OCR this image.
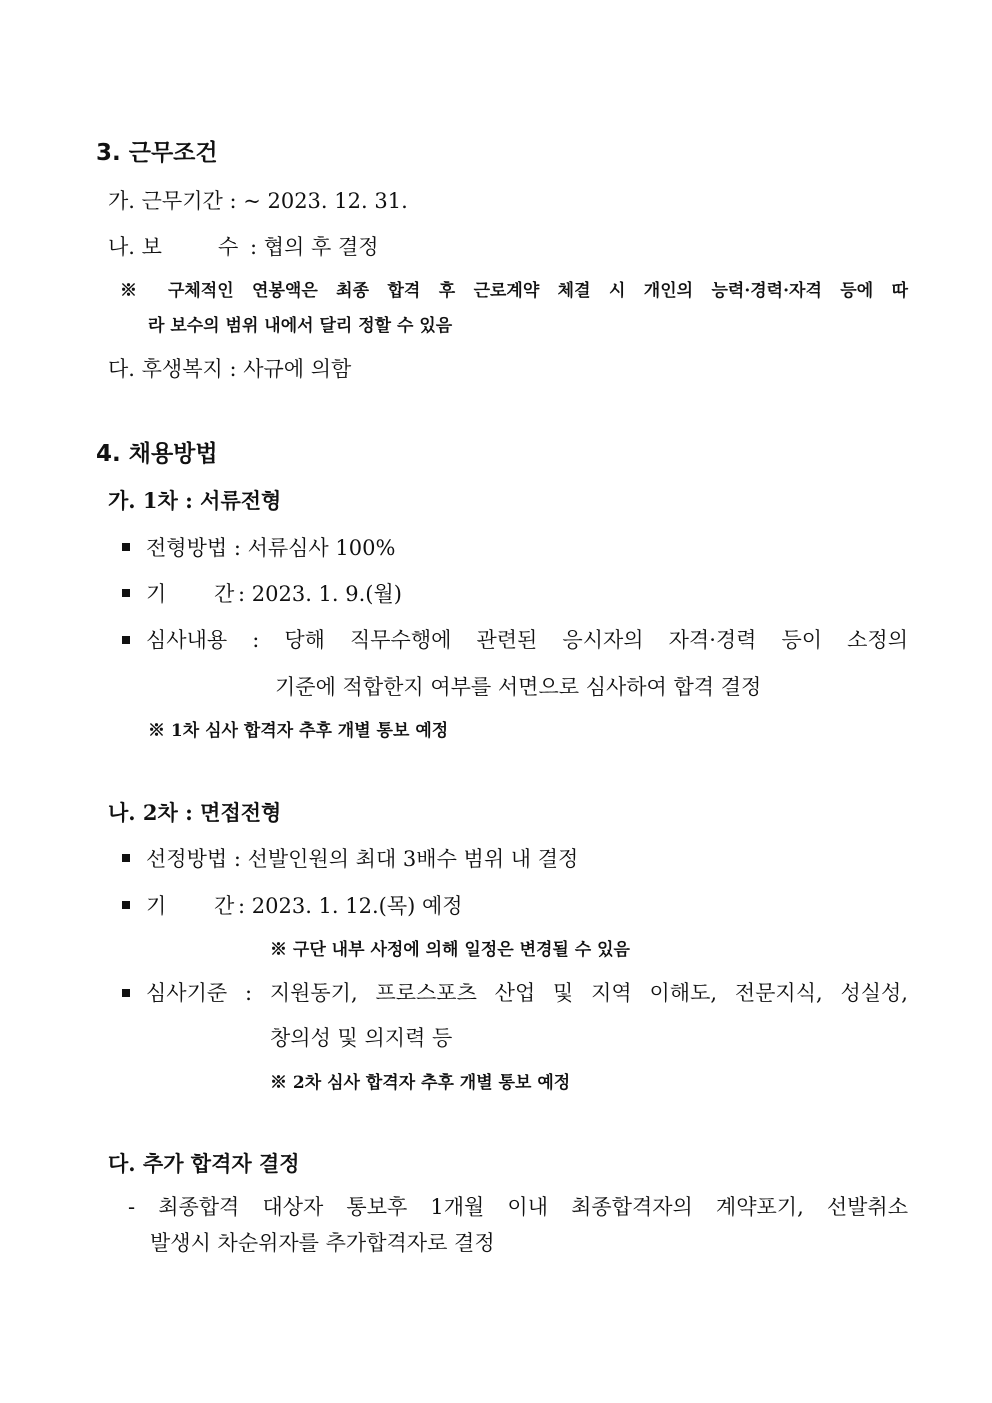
3. 근무조건
가. 근무기간 : ~ 2023. 12. 31.
나. 보	수 : 협의 후 결정
※ 구체적인 연봉액은 최종 합격 후 근로계약 체결 시 개인의 능력·경력·자격 등에 따
라 보수의 범위 내에서 달리 정할 수 있음
다. 후생복지 : 사규에 의함
4. 채용방법
가. 1차 : 서류전형
전형방법 : 서류심사 100%
기 간 : 2023. 1. 9.(월)
심사내용 : 당해 직무수행에 관련된 응시자의 자격·경력 등이 소정의
기준에 적합한지 여부를 서면으로 심사하여 합격 결정
※ 1차 심사 합격자 추후 개별 통보 예정
나. 2차 : 면접전형
선정방법 : 선발인원의 최대 3배수 범위 내 결정
기 간 : 2023. 1. 12.(목) 예정
※ 구단 내부 사정에 의해 일정은 변경될 수 있음
심사기준 : 지원동기, 프로스포츠 산업 및 지역 이해도, 전문지식, 성실성,
창의성 및 의지력 등
※ 2차 심사 합격자 추후 개별 통보 예정
다. 추가 합격자 결정
- 최종합격 대상자 통보후 1개월 이내 최종합격자의 계약포기, 선발취소
발생시 차순위자를 추가합격자로 결정
